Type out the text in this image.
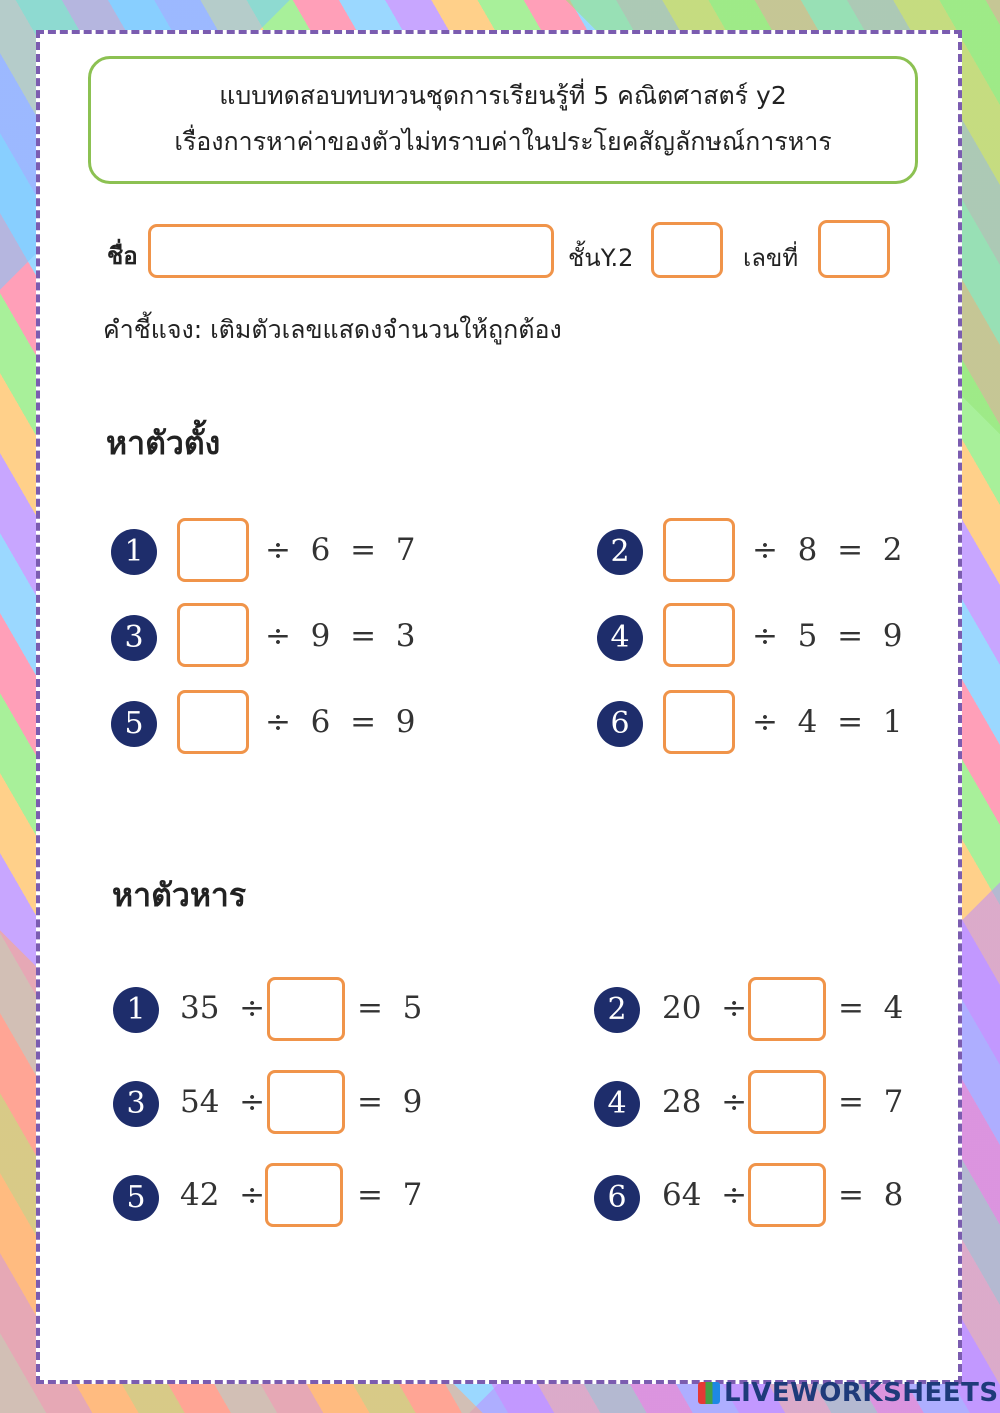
แบบทดสอบทบทวนชุดการเรียนรู้ที่ 5 คณิตศาสตร์ y2
เรื่องการหาค่าของตัวไม่ทราบค่าในประโยคสัญลักษณ์การหาร
ชื่อ	ชั้นY.2	เลขที่
คำชี้แจง: เติมตัวเลขแสดงจำนวนให้ถูกต้อง
หาตัวตั้ง
1	÷  6  =  7	2	÷  8  =  2
3	÷  9  =  3	4	÷  5  =  9
5	÷  6  =  9	6	÷  4  =  1
หาตัวหาร
1	35  ÷	=  5	2	20  ÷	=  4
3	54  ÷	=  9	4	28  ÷	=  7
5	42  ÷	=  7	6	64  ÷	=  8
LIVEWORKSHEETS
